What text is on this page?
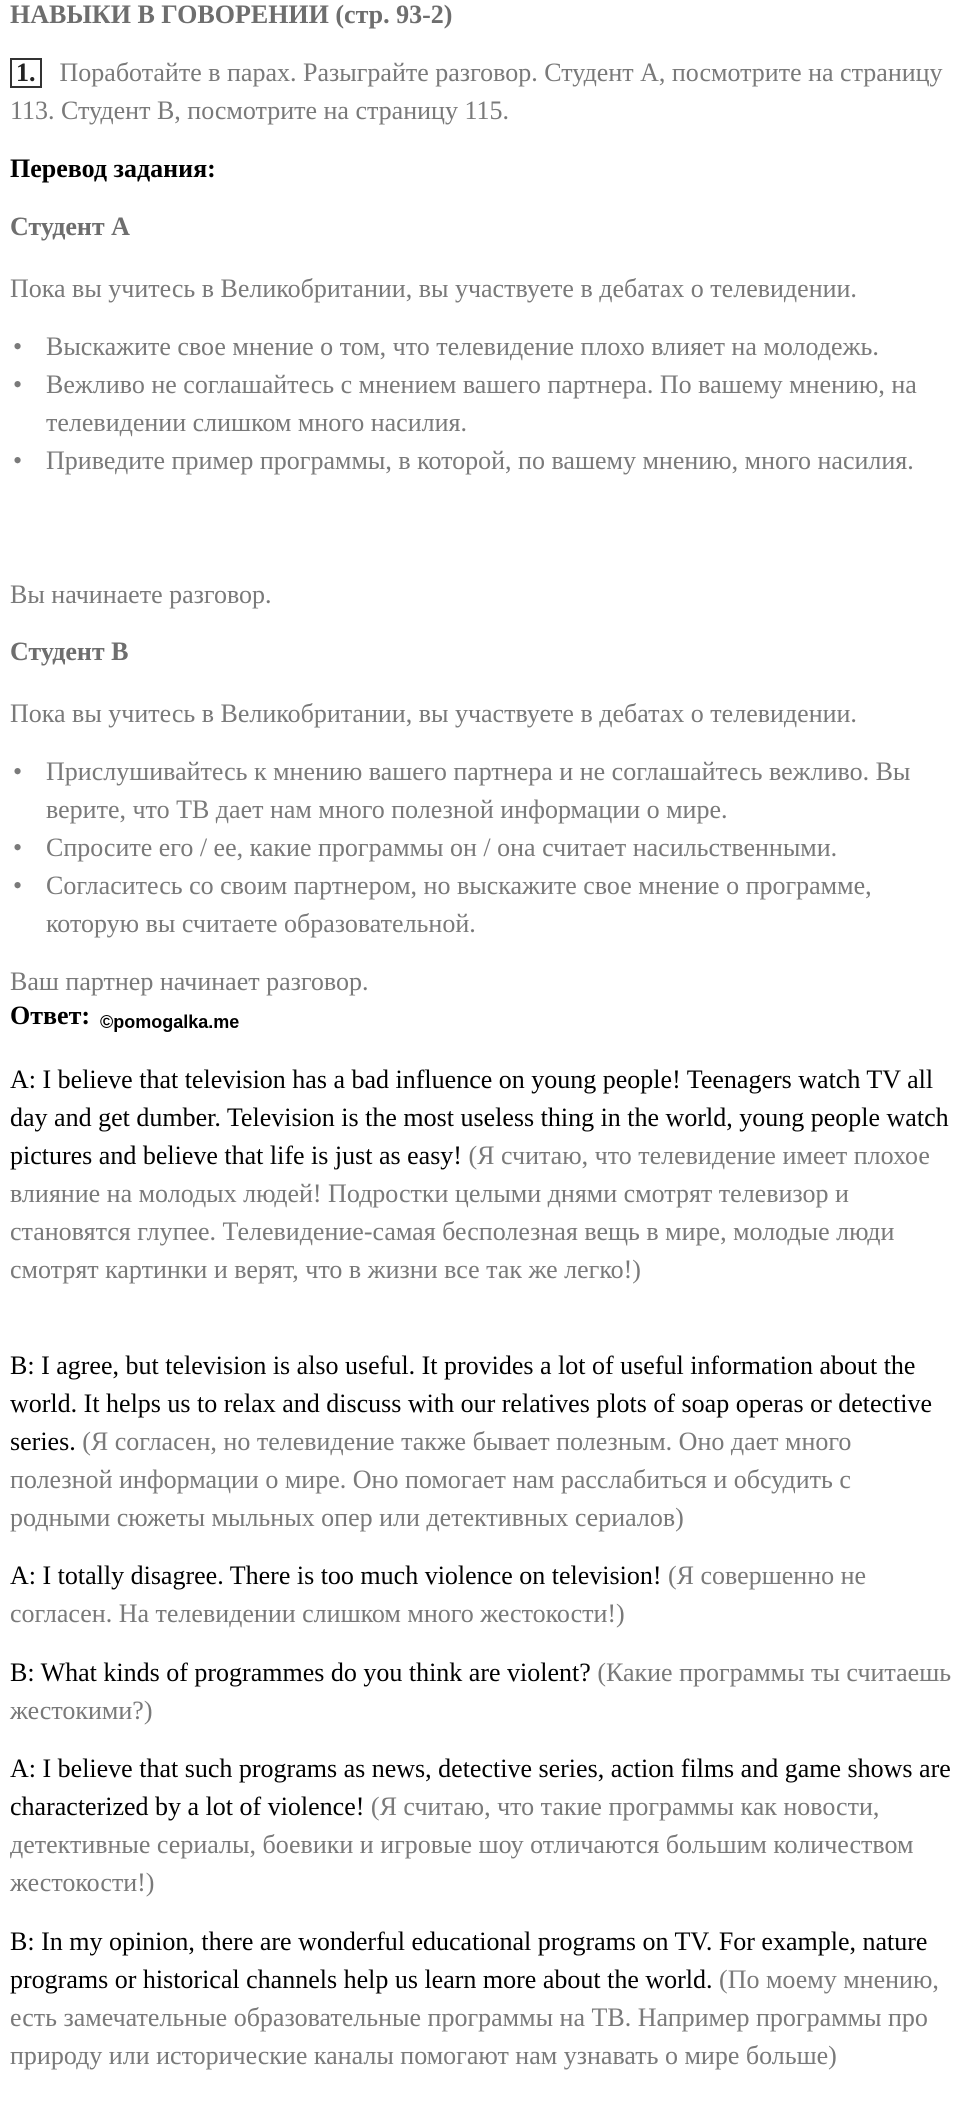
НАВЫКИ В ГОВОРЕНИИ (стр. 93-2)
1. Поработайте в парах. Разыграйте разговор. Студент А, посмотрите на страницу 113. Студент В, посмотрите на страницу 115.
Перевод задания:
Студент А
Пока вы учитесь в Великобритании, вы участвуете в дебатах о телевидении.
• Выскажите свое мнение о том, что телевидение плохо влияет на молодежь.
• Вежливо не соглашайтесь с мнением вашего партнера. По вашему мнению, на телевидении слишком много насилия.
• Приведите пример программы, в которой, по вашему мнению, много насилия.
Вы начинаете разговор.
Студент В
Пока вы учитесь в Великобритании, вы участвуете в дебатах о телевидении.
• Прислушивайтесь к мнению вашего партнера и не соглашайтесь вежливо. Вы верите, что ТВ дает нам много полезной информации о мире.
• Спросите его / ее, какие программы он / она считает насильственными.
• Согласитесь со своим партнером, но выскажите свое мнение о программе, которую вы считаете образовательной.
Ваш партнер начинает разговор.
Ответ: ©pomogalka.me
A: I believe that television has a bad influence on young people! Teenagers watch TV all day and get dumber. Television is the most useless thing in the world, young people watch pictures and believe that life is just as easy! (Я считаю, что телевидение имеет плохое влияние на молодых людей! Подростки целыми днями смотрят телевизор и становятся глупее. Телевидение-самая бесполезная вещь в мире, молодые люди смотрят картинки и верят, что в жизни все так же легко!)
B: I agree, but television is also useful. It provides a lot of useful information about the world. It helps us to relax and discuss with our relatives plots of soap operas or detective series. (Я согласен, но телевидение также бывает полезным. Оно дает много полезной информации о мире. Оно помогает нам расслабиться и обсудить с родными сюжеты мыльных опер или детективных сериалов)
A: I totally disagree. There is too much violence on television! (Я совершенно не согласен. На телевидении слишком много жестокости!)
B: What kinds of programmes do you think are violent? (Какие программы ты считаешь жестокими?)
A: I believe that such programs as news, detective series, action films and game shows are characterized by a lot of violence! (Я считаю, что такие программы как новости, детективные сериалы, боевики и игровые шоу отличаются большим количеством жестокости!)
B: In my opinion, there are wonderful educational programs on TV. For example, nature programs or historical channels help us learn more about the world. (По моему мнению, есть замечательные образовательные программы на ТВ. Например программы про природу или исторические каналы помогают нам узнавать о мире больше)
